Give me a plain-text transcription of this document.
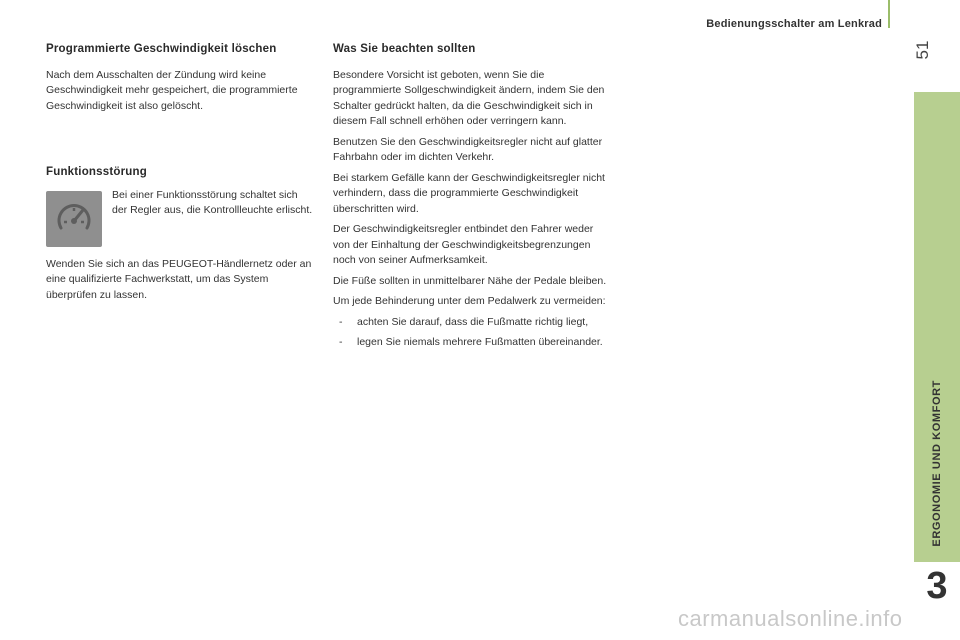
Bedienungsschalter am Lenkrad
51
ERGONOMIE UND KOMFORT
3
Programmierte Geschwindigkeit löschen

Nach dem Ausschalten der Zündung wird keine Geschwindigkeit mehr gespeichert, die programmierte Geschwindigkeit ist also gelöscht.

Funktionsstörung
Bei einer Funktionsstörung schaltet sich der Regler aus, die Kontrollleuchte erlischt.

Wenden Sie sich an das PEUGEOT-Händlernetz oder an eine qualifizierte Fachwerkstatt, um das System überprüfen zu lassen.

Was Sie beachten sollten

Besondere Vorsicht ist geboten, wenn Sie die programmierte Sollgeschwindigkeit ändern, indem Sie den Schalter gedrückt halten, da die Geschwindigkeit sich in diesem Fall schnell erhöhen oder verringern kann.

Benutzen Sie den Geschwindigkeitsregler nicht auf glatter Fahrbahn oder im dichten Verkehr.

Bei starkem Gefälle kann der Geschwindigkeitsregler nicht verhindern, dass die programmierte Geschwindigkeit überschritten wird.

Der Geschwindigkeitsregler entbindet den Fahrer weder von der Einhaltung der Geschwindigkeitsbegrenzungen noch von seiner Aufmerksamkeit.

Die Füße sollten in unmittelbarer Nähe der Pedale bleiben.

Um jede Behinderung unter dem Pedalwerk zu vermeiden:

- achten Sie darauf, dass die Fußmatte richtig liegt,
- legen Sie niemals mehrere Fußmatten übereinander.
carmanualsonline.info
